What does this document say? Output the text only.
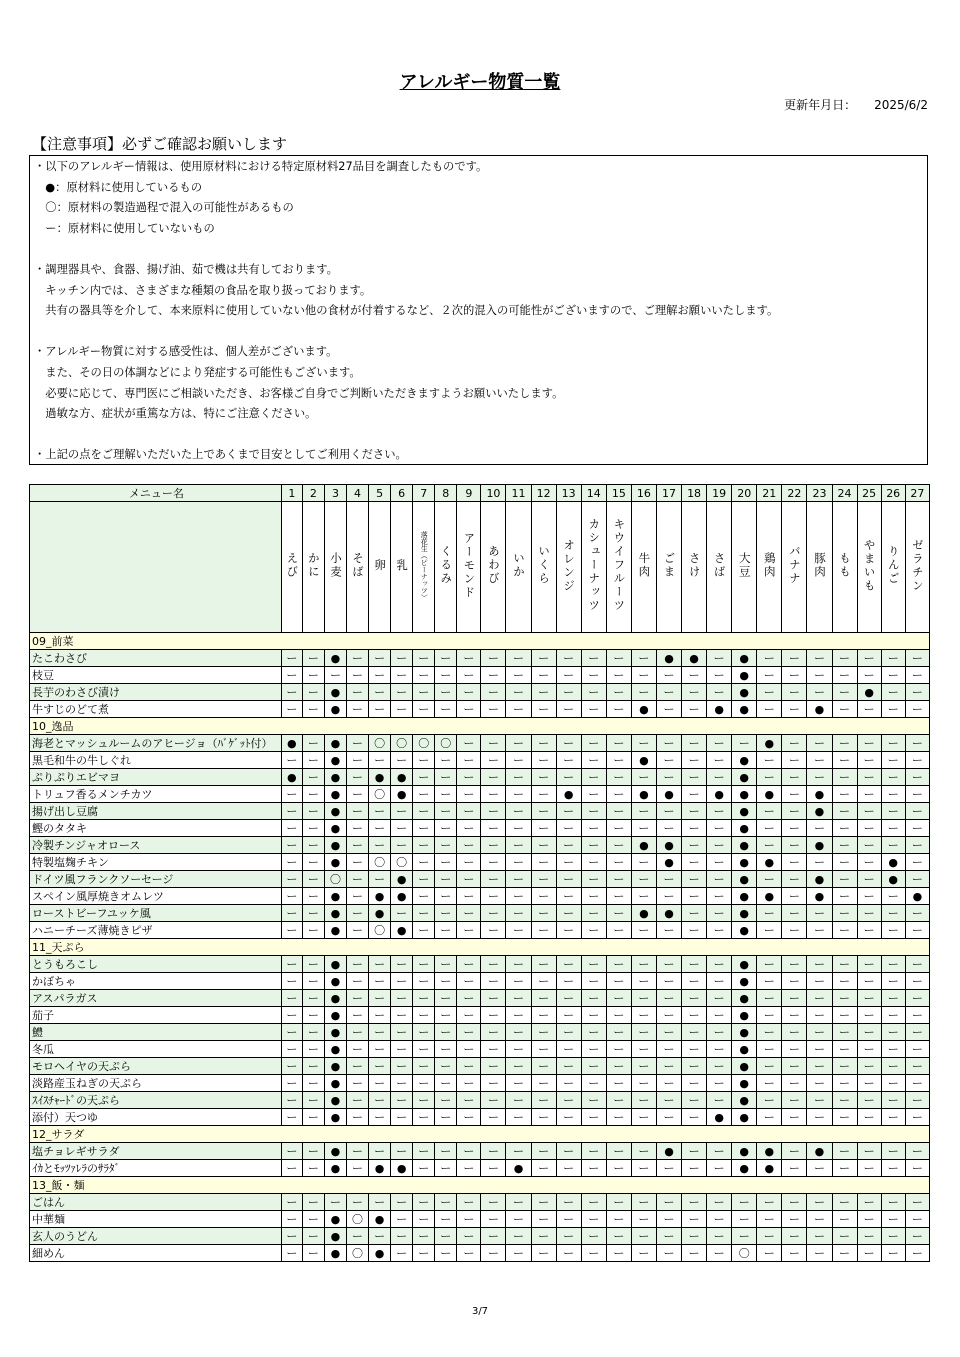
アレルギー物質一覧
更新年月日： 2025/6/2
【注意事項】必ずご確認お願いします

・以下のアレルギー情報は、使用原材料における特定原材料27品目を調査したものです。

　●：原材料に使用しているもの

　〇：原材料の製造過程で混入の可能性があるもの

　ー：原材料に使用していないもの

・調理器具や、食器、揚げ油、茹で機は共有しております。

　キッチン内では、さまざまな種類の食品を取り扱っております。

　共有の器具等を介して、本来原料に使用していない他の食材が付着するなど、２次的混入の可能性がございますので、ご理解お願いいたします。

・アレルギー物質に対する感受性は、個人差がございます。

　また、その日の体調などにより発症する可能性もございます。

　必要に応じて、専門医にご相談いただき、お客様ご自身でご判断いただきますようお願いいたします。

　過敏な方、症状が重篤な方は、特にご注意ください。

・上記の点をご理解いただいた上であくまで目安としてご利用ください。

メニュー名	1	2	3	4	5	6	7	8	9	10	11	12	13	14	15	16	17	18	19	20	21	22	23	24	25	26	27
	えび	かに	小麦	そば	卵	乳	落花生（ピーナッツ）	くるみ	アーモンド	あわび	いか	いくら	オレンジ	カシューナッツ	キウイフルーツ	牛肉	ごま	さけ	さば	大豆	鶏肉	バナナ	豚肉	もも	やまいも	りんご	ゼラチン
09_前菜																											
たこわさび	ー	ー	●	ー	ー	ー	ー	ー	ー	ー	ー	ー	ー	ー	ー	ー	●	●	ー	●	ー	ー	ー	ー	ー	ー	ー
枝豆	ー	ー	ー	ー	ー	ー	ー	ー	ー	ー	ー	ー	ー	ー	ー	ー	ー	ー	ー	●	ー	ー	ー	ー	ー	ー	ー
長芋のわさび漬け	ー	ー	●	ー	ー	ー	ー	ー	ー	ー	ー	ー	ー	ー	ー	ー	ー	ー	ー	●	ー	ー	ー	ー	●	ー	ー
牛すじのどて煮	ー	ー	●	ー	ー	ー	ー	ー	ー	ー	ー	ー	ー	ー	ー	●	ー	ー	●	●	ー	ー	●	ー	ー	ー	ー
10_逸品																											
海老とマッシュルームのアヒージョ（ﾊﾞｹﾞｯﾄ付）	●	ー	●	ー	〇	〇	〇	〇	ー	ー	ー	ー	ー	ー	ー	ー	ー	ー	ー	ー	●	ー	ー	ー	ー	ー	ー
黒毛和牛の牛しぐれ	ー	ー	●	ー	ー	ー	ー	ー	ー	ー	ー	ー	ー	ー	ー	●	ー	ー	ー	●	ー	ー	ー	ー	ー	ー	ー
ぷりぷりエビマヨ	●	ー	●	ー	●	●	ー	ー	ー	ー	ー	ー	ー	ー	ー	ー	ー	ー	ー	●	ー	ー	ー	ー	ー	ー	ー
トリュフ香るメンチカツ	ー	ー	●	ー	〇	●	ー	ー	ー	ー	ー	ー	●	ー	ー	●	●	ー	●	●	●	ー	●	ー	ー	ー	ー
揚げ出し豆腐	ー	ー	●	ー	ー	ー	ー	ー	ー	ー	ー	ー	ー	ー	ー	ー	ー	ー	ー	●	ー	ー	●	ー	ー	ー	ー
鰹のタタキ	ー	ー	●	ー	ー	ー	ー	ー	ー	ー	ー	ー	ー	ー	ー	ー	ー	ー	ー	●	ー	ー	ー	ー	ー	ー	ー
冷製チンジャオロース	ー	ー	●	ー	ー	ー	ー	ー	ー	ー	ー	ー	ー	ー	ー	●	●	ー	ー	●	ー	ー	●	ー	ー	ー	ー
特製塩麹チキン	ー	ー	●	ー	〇	〇	ー	ー	ー	ー	ー	ー	ー	ー	ー	ー	●	ー	ー	●	●	ー	ー	ー	ー	●	ー
ドイツ風フランクソーセージ	ー	ー	〇	ー	ー	●	ー	ー	ー	ー	ー	ー	ー	ー	ー	ー	ー	ー	ー	●	ー	ー	●	ー	ー	●	ー
スペイン風厚焼きオムレツ	ー	ー	●	ー	●	●	ー	ー	ー	ー	ー	ー	ー	ー	ー	ー	ー	ー	ー	●	●	ー	●	ー	ー	ー	●
ローストビーフユッケ風	ー	ー	●	ー	●	ー	ー	ー	ー	ー	ー	ー	ー	ー	ー	●	●	ー	ー	●	ー	ー	ー	ー	ー	ー	ー
ハニーチーズ薄焼きピザ	ー	ー	●	ー	〇	●	ー	ー	ー	ー	ー	ー	ー	ー	ー	ー	ー	ー	ー	●	ー	ー	ー	ー	ー	ー	ー
11_天ぷら																											
とうもろこし	ー	ー	●	ー	ー	ー	ー	ー	ー	ー	ー	ー	ー	ー	ー	ー	ー	ー	ー	●	ー	ー	ー	ー	ー	ー	ー
かぼちゃ	ー	ー	●	ー	ー	ー	ー	ー	ー	ー	ー	ー	ー	ー	ー	ー	ー	ー	ー	●	ー	ー	ー	ー	ー	ー	ー
アスパラガス	ー	ー	●	ー	ー	ー	ー	ー	ー	ー	ー	ー	ー	ー	ー	ー	ー	ー	ー	●	ー	ー	ー	ー	ー	ー	ー
茄子	ー	ー	●	ー	ー	ー	ー	ー	ー	ー	ー	ー	ー	ー	ー	ー	ー	ー	ー	●	ー	ー	ー	ー	ー	ー	ー
鱧	ー	ー	●	ー	ー	ー	ー	ー	ー	ー	ー	ー	ー	ー	ー	ー	ー	ー	ー	●	ー	ー	ー	ー	ー	ー	ー
冬瓜	ー	ー	●	ー	ー	ー	ー	ー	ー	ー	ー	ー	ー	ー	ー	ー	ー	ー	ー	●	ー	ー	ー	ー	ー	ー	ー
モロヘイヤの天ぷら	ー	ー	●	ー	ー	ー	ー	ー	ー	ー	ー	ー	ー	ー	ー	ー	ー	ー	ー	●	ー	ー	ー	ー	ー	ー	ー
淡路産玉ねぎの天ぷら	ー	ー	●	ー	ー	ー	ー	ー	ー	ー	ー	ー	ー	ー	ー	ー	ー	ー	ー	●	ー	ー	ー	ー	ー	ー	ー
ｽｲｽﾁｬｰﾄﾞの天ぷら	ー	ー	●	ー	ー	ー	ー	ー	ー	ー	ー	ー	ー	ー	ー	ー	ー	ー	ー	●	ー	ー	ー	ー	ー	ー	ー
添付）天つゆ	ー	ー	●	ー	ー	ー	ー	ー	ー	ー	ー	ー	ー	ー	ー	ー	ー	ー	●	●	ー	ー	ー	ー	ー	ー	ー
12_サラダ																											
塩チョレギサラダ	ー	ー	●	ー	ー	ー	ー	ー	ー	ー	ー	ー	ー	ー	ー	ー	●	ー	ー	●	●	ー	●	ー	ー	ー	ー
ｲｶとﾓｯﾂｧﾚﾗのｻﾗﾀﾞ	ー	ー	●	ー	●	●	ー	ー	ー	ー	●	ー	ー	ー	ー	ー	ー	ー	ー	●	●	ー	ー	ー	ー	ー	ー
13_飯・麺																											
ごはん	ー	ー	ー	ー	ー	ー	ー	ー	ー	ー	ー	ー	ー	ー	ー	ー	ー	ー	ー	ー	ー	ー	ー	ー	ー	ー	ー
中華麺	ー	ー	●	〇	●	ー	ー	ー	ー	ー	ー	ー	ー	ー	ー	ー	ー	ー	ー	ー	ー	ー	ー	ー	ー	ー	ー
玄人のうどん	ー	ー	●	ー	ー	ー	ー	ー	ー	ー	ー	ー	ー	ー	ー	ー	ー	ー	ー	ー	ー	ー	ー	ー	ー	ー	ー
細めん	ー	ー	●	〇	●	ー	ー	ー	ー	ー	ー	ー	ー	ー	ー	ー	ー	ー	ー	〇	ー	ー	ー	ー	ー	ー	ー
3/7
